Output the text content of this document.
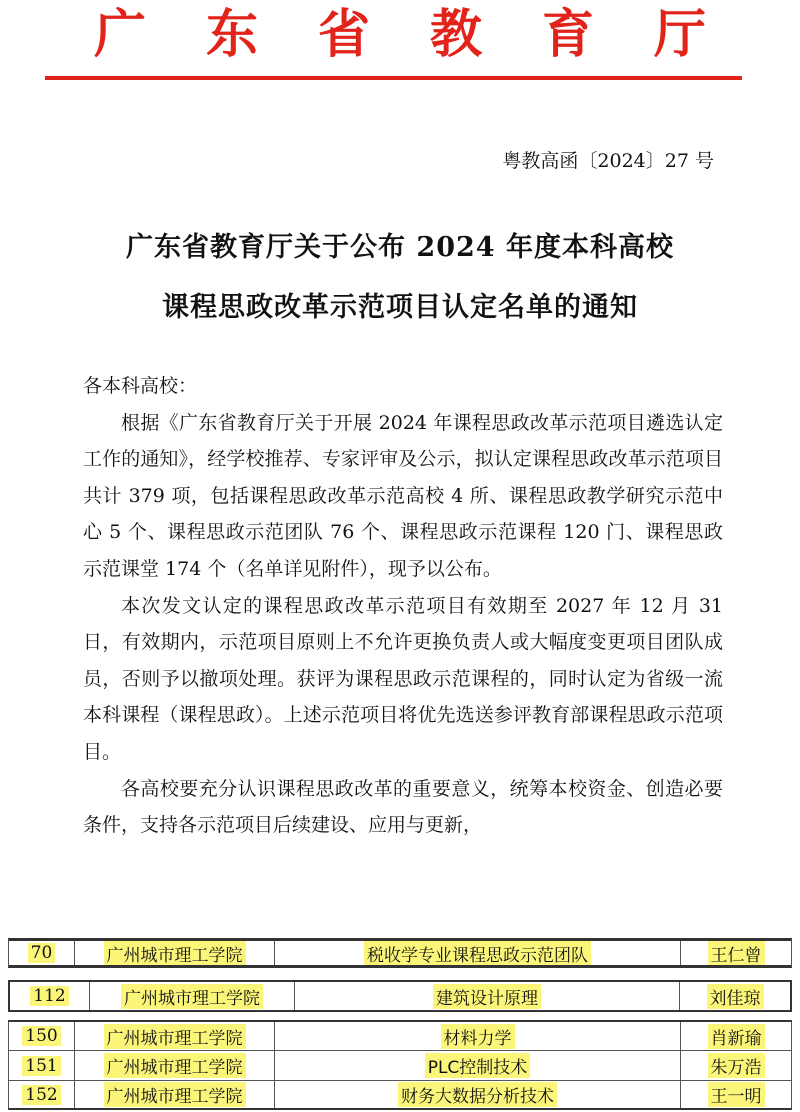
广东省教育厅
粤教高函〔2024〕27 号
广东省教育厅关于公布 2024 年度本科高校
课程思政改革示范项目认定名单的通知

各本科高校：

根据《广东省教育厅关于开展 2024 年课程思政改革示范项目遴选认定工作的通知》，经学校推荐、专家评审及公示，拟认定课程思政改革示范项目共计 379 项，包括课程思政改革示范高校 4 所、课程思政教学研究示范中心 5 个、课程思政示范团队 76 个、课程思政示范课程 120 门、课程思政示范课堂 174 个（名单详见附件），现予以公布。

本次发文认定的课程思政改革示范项目有效期至 2027 年 12 月 31 日，有效期内，示范项目原则上不允许更换负责人或大幅度变更项目团队成员，否则予以撤项处理。获评为课程思政示范课程的，同时认定为省级一流本科课程（课程思政）。上述示范项目将优先选送参评教育部课程思政示范项目。

各高校要充分认识课程思政改革的重要意义，统筹本校资金、创造必要条件，支持各示范项目后续建设、应用与更新，

70	广州城市理工学院	税收学专业课程思政示范团队	王仁曾
112	广州城市理工学院	建筑设计原理	刘佳琼
150	广州城市理工学院	材料力学	肖新瑜
151	广州城市理工学院	PLC控制技术	朱万浩
152	广州城市理工学院	财务大数据分析技术	王一明
